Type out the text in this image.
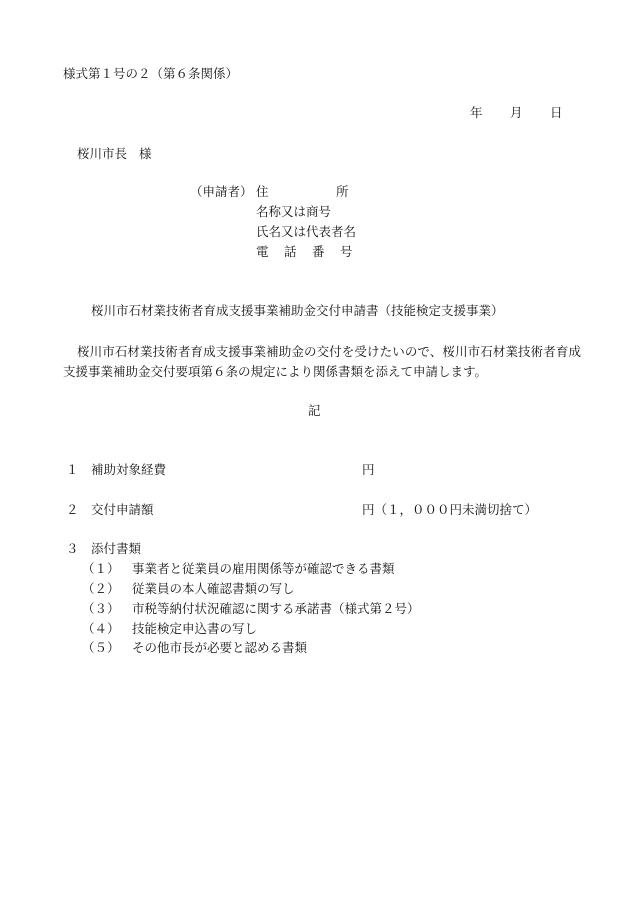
様式第１号の２（第６条関係）
年 月 日
桜川市長 様
（申請者） 住	所
名称又は商号
氏名又は代表者名
電 話 番 号
桜川市石材業技術者育成支援事業補助金交付申請書（技能検定支援事業）
桜川市石材業技術者育成支援事業補助金の交付を受けたいので、桜川市石材業技術者育成支援事業補助金交付要項第６条の規定により関係書類を添えて申請します。
記
１ 補助対象経費	円
２ 交付申請額	円（１，０００円未満切捨て）
３ 添付書類
（１） 事業者と従業員の雇用関係等が確認できる書類
（２） 従業員の本人確認書類の写し
（３） 市税等納付状況確認に関する承諾書（様式第２号）
（４） 技能検定申込書の写し
（５） その他市長が必要と認める書類
